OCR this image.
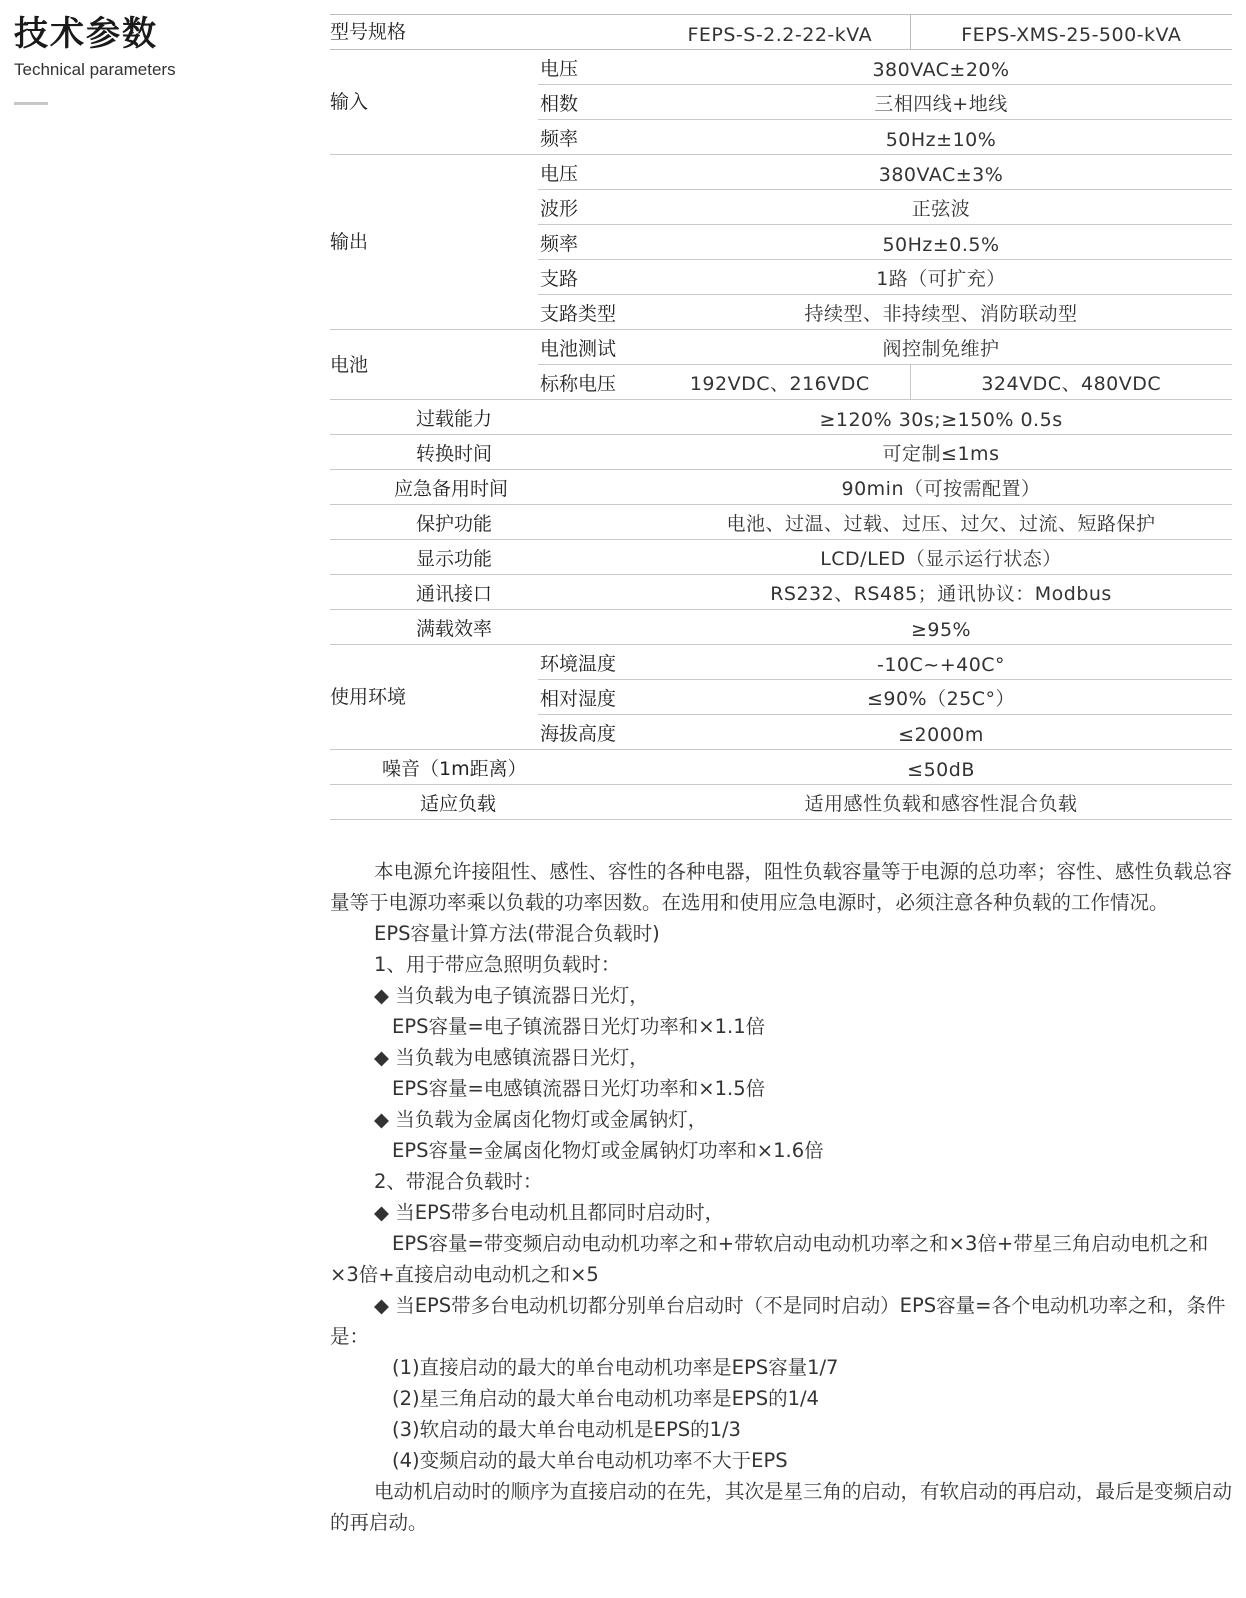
技术参数
Technical parameters
型号规格		FEPS-S-2.2-22-kVA	FEPS-XMS-25-500-kVA
输入	电压	380VAC±20%	
	相数	三相四线+地线	
	频率	50Hz±10%	
输出	电压	380VAC±3%	
	波形	正弦波	
	频率	50Hz±0.5%	
	支路	1路（可扩充）	
	支路类型	持续型、非持续型、消防联动型	
电池	电池测试	阀控制免维护	
	标称电压	192VDC、216VDC	324VDC、480VDC
过载能力		≥120% 30s;≥150% 0.5s	
转换时间		可定制≤1ms	
应急备用时间		90min（可按需配置）	
保护功能		电池、过温、过载、过压、过欠、过流、短路保护	
显示功能		LCD/LED（显示运行状态）	
通讯接口		RS232、RS485；通讯协议：Modbus	
满载效率		≥95%	
使用环境	环境温度	-10C~+40C°	
	相对湿度	≤90%（25C°）	
	海拔高度	≤2000m	
噪音（1m距离）		≤50dB	
适应负载		适用感性负载和感容性混合负载	

本电源允许接阻性、感性、容性的各种电器，阻性负载容量等于电源的总功率；容性、感性负载总容量等于电源功率乘以负载的功率因数。在选用和使用应急电源时，必须注意各种负载的工作情况。

EPS容量计算方法(带混合负载时)

1、用于带应急照明负载时：

◆ 当负载为电子镇流器日光灯，

EPS容量=电子镇流器日光灯功率和×1.1倍

◆ 当负载为电感镇流器日光灯，

EPS容量=电感镇流器日光灯功率和×1.5倍

◆ 当负载为金属卤化物灯或金属钠灯，

EPS容量=金属卤化物灯或金属钠灯功率和×1.6倍

2、带混合负载时：

◆ 当EPS带多台电动机且都同时启动时，

EPS容量=带变频启动电动机功率之和+带软启动电动机功率之和×3倍+带星三角启动电机之和×3倍+直接启动电动机之和×5

◆ 当EPS带多台电动机切都分别单台启动时（不是同时启动）EPS容量=各个电动机功率之和，条件是：

(1)直接启动的最大的单台电动机功率是EPS容量1/7

(2)星三角启动的最大单台电动机功率是EPS的1/4

(3)软启动的最大单台电动机是EPS的1/3

(4)变频启动的最大单台电动机功率不大于EPS

电动机启动时的顺序为直接启动的在先，其次是星三角的启动，有软启动的再启动，最后是变频启动的再启动。
